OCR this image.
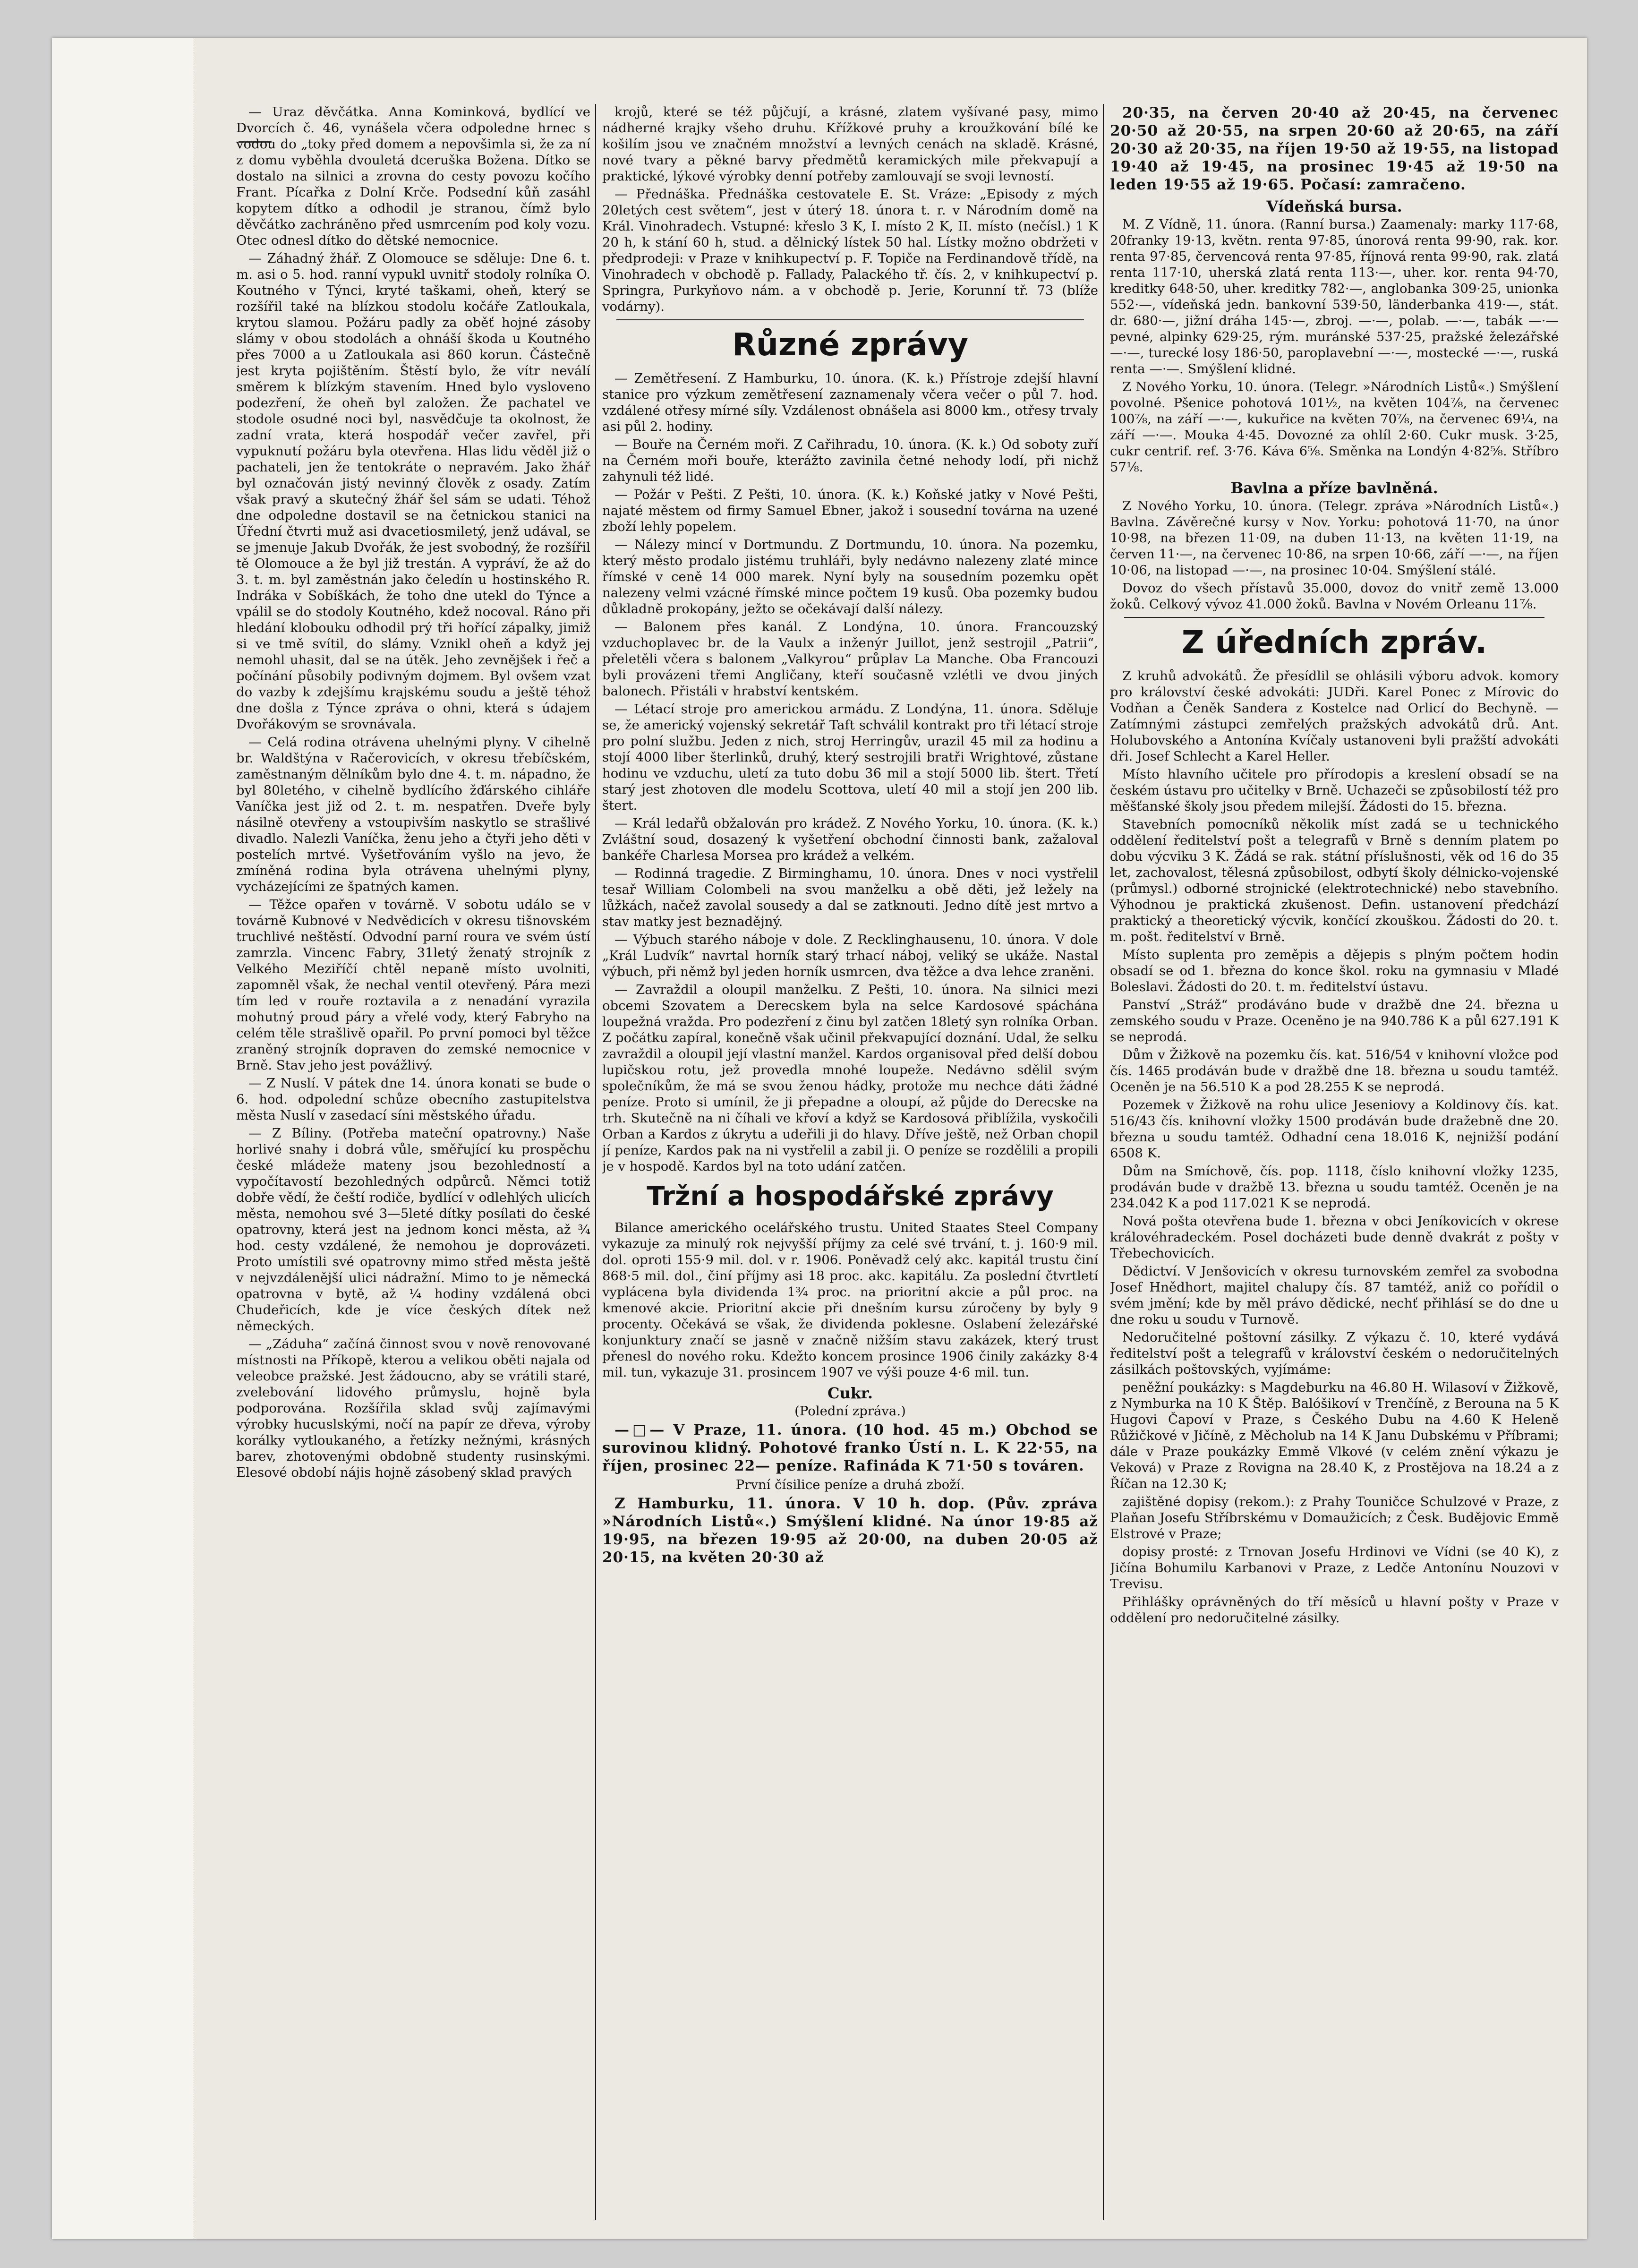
— Uraz děvčátka. Anna Kominková, bydlící ve Dvorcích č. 46, vynášela včera odpoledne hrnec s vodou do „toky před domem a nepovšimla si, že za ní z domu vyběhla dvouletá dceruška Božena. Dítko se dostalo na silnici a zrovna do cesty povozu kočího Frant. Pícařka z Dolní Krče. Podsední kůň zasáhl kopytem dítko a odhodil je stranou, čímž bylo děvčátko zachráněno před usmrcením pod koly vozu. Otec odnesl dítko do dětské nemocnice.

— Záhadný žhář. Z Olomouce se sděluje: Dne 6. t. m. asi o 5. hod. ranní vypukl uvnitř stodoly rolníka O. Koutného v Týnci, kryté taškami, oheň, který se rozšířil také na blízkou stodolu kočáře Zatloukala, krytou slamou. Požáru padly za oběť hojné zásoby slámy v obou stodolách a ohnáší škoda u Koutného přes 7000 a u Zatloukala asi 860 korun. Částečně jest kryta pojištěním. Štěstí bylo, že vítr neválí směrem k blízkým stavením. Hned bylo vysloveno podezření, že oheň byl založen. Že pachatel ve stodole osudné noci byl, nasvědčuje ta okolnost, že zadní vrata, která hospodář večer zavřel, při vypuknutí požáru byla otevřena. Hlas lidu věděl již o pachateli, jen že tentokráte o nepravém. Jako žhář byl označován jistý nevinný člověk z osady. Zatím však pravý a skutečný žhář šel sám se udati. Téhož dne odpoledne dostavil se na četnickou stanici na Úřední čtvrti muž asi dvacetiosmiletý, jenž udával, se se jmenuje Jakub Dvořák, že jest svobodný, že rozšířil tě Olomouce a že byl již trestán. A vypráví, že až do 3. t. m. byl zaměstnán jako čeledín u hostinského R. Indráka v Sobíškách, že toho dne utekl do Týnce a vpálil se do stodoly Koutného, kdež nocoval. Ráno při hledání klobouku odhodil prý tři hořící zápalky, jimiž si ve tmě svítil, do slámy. Vznikl oheň a když jej nemohl uhasit, dal se na útěk. Jeho zevnějšek i řeč a počínání působily podivným dojmem. Byl ovšem vzat do vazby k zdejšímu krajskému soudu a ještě téhož dne došla z Týnce zpráva o ohni, která s údajem Dvořákovým se srovnávala.

— Celá rodina otrávena uhelnými plyny. V cihelně br. Waldštýna v Račerovicích, v okresu třebíčském, zaměstnaným dělníkům bylo dne 4. t. m. nápadno, že byl 80letého, v cihelně bydlícího žďárského cihláře Vaníčka jest již od 2. t. m. nespatřen. Dveře byly násilně otevřeny a vstoupivším naskytlo se strašlivé divadlo. Nalezli Vaníčka, ženu jeho a čtyři jeho děti v postelích mrtvé. Vyšetřováním vyšlo na jevo, že zmíněná rodina byla otrávena uhelnými plyny, vycházejícími ze špatných kamen.

— Těžce opařen v továrně. V sobotu událo se v továrně Kubnové v Nedvědicích v okresu tišnovském truchlivé neštěstí. Odvodní parní roura ve svém ústí zamrzla. Vincenc Fabry, 31letý ženatý strojník z Velkého Meziříčí chtěl nepaně místo uvolniti, zapomněl však, že nechal ventil otevřený. Pára mezi tím led v rouře roztavila a z nenadání vyrazila mohutný proud páry a vřelé vody, který Fabryho na celém těle strašlivě opařil. Po první pomoci byl těžce zraněný strojník dopraven do zemské nemocnice v Brně. Stav jeho jest povážlivý.

— Z Nuslí. V pátek dne 14. února konati se bude o 6. hod. odpolední schůze obecního zastupitelstva města Nuslí v zasedací síni městského úřadu.

— Z Bíliny. (Potřeba mateční opatrovny.) Naše horlivé snahy i dobrá vůle, směřující ku prospěchu české mládeže mateny jsou bezohledností a vypočítavostí bezohledných odpůrců. Němci totiž dobře vědí, že čeští rodiče, bydlící v odlehlých ulicích města, nemohou své 3—5leté dítky posílati do české opatrovny, která jest na jednom konci města, až ¾ hod. cesty vzdálené, že nemohou je doprovázeti. Proto umístili své opatrovny mimo střed města ještě v nejvzdálenější ulici nádražní. Mimo to je německá opatrovna v bytě, až ¼ hodiny vzdálená obci Chudeřicích, kde je více českých dítek než německých.

— „Záduha“ začíná činnost svou v nově renovované místnosti na Příkopě, kterou a velikou oběti najala od veleobce pražské. Jest žádoucno, aby se vrátili staré, zvelebování lidového průmyslu, hojně byla podporována. Rozšířila sklad svůj zajímavými výrobky hucuslskými, nočí na papír ze dřeva, výroby korálky vytloukaného, a řetízky nežnými, krásných barev, zhotovenými obdobně studenty rusinskými. Elesové období nájis hojně zásobený sklad pravých

krojů, které se též půjčují, a krásné, zlatem vyšívané pasy, mimo nádherné krajky všeho druhu. Křížkové pruhy a kroužkování bílé ke košilím jsou ve značném množství a levných cenách na skladě. Krásné, nové tvary a pěkné barvy předmětů keramických mile překvapují a praktické, lýkové výrobky denní potřeby zamlouvají se svoji levností.

— Přednáška. Přednáška cestovatele E. St. Vráze: „Episody z mých 20letých cest světem“, jest v úterý 18. února t. r. v Národním domě na Král. Vinohradech. Vstupné: křeslo 3 K, I. místo 2 K, II. místo (nečísl.) 1 K 20 h, k stání 60 h, stud. a dělnický lístek 50 hal. Lístky možno obdržeti v předprodeji: v Praze v knihkupectví p. F. Topiče na Ferdinandově třídě, na Vinohradech v obchodě p. Fallady, Palackého tř. čís. 2, v knihkupectví p. Springra, Purkyňovo nám. a v obchodě p. Jerie, Korunní tř. 73 (blíže vodárny).

Různé zprávy

— Zemětřesení. Z Hamburku, 10. února. (K. k.) Přístroje zdejší hlavní stanice pro výzkum zemětřesení zaznamenaly včera večer o půl 7. hod. vzdálené otřesy mírné síly. Vzdálenost obnášela asi 8000 km., otřesy trvaly asi půl 2. hodiny.

— Bouře na Černém moři. Z Cařihradu, 10. února. (K. k.) Od soboty zuří na Černém moři bouře, kterážto zavinila četné nehody lodí, při nichž zahynuli též lidé.

— Požár v Pešti. Z Pešti, 10. února. (K. k.) Koňské jatky v Nové Pešti, najaté městem od firmy Samuel Ebner, jakož i sousední továrna na uzené zboží lehly popelem.

— Nálezy mincí v Dortmundu. Z Dortmundu, 10. února. Na pozemku, který město prodalo jistému truhláři, byly nedávno nalezeny zlaté mince římské v ceně 14 000 marek. Nyní byly na sousedním pozemku opět nalezeny velmi vzácné římské mince počtem 19 kusů. Oba pozemky budou důkladně prokopány, ježto se očekávají další nálezy.

— Balonem přes kanál. Z Londýna, 10. února. Francouzský vzduchoplavec br. de la Vaulx a inženýr Juillot, jenž sestrojil „Patrii“, přeletěli včera s balonem „Valkyrou“ průplav La Manche. Oba Francouzi byli provázeni třemi Angličany, kteří současně vzlétli ve dvou jiných balonech. Přistáli v hrabství kentském.

— Létací stroje pro americkou armádu. Z Londýna, 11. února. Sděluje se, že americký vojenský sekretář Taft schválil kontrakt pro tři létací stroje pro polní službu. Jeden z nich, stroj Herringův, urazil 45 mil za hodinu a stojí 4000 liber šterlinků, druhý, který sestrojili bratři Wrightové, zůstane hodinu ve vzduchu, uletí za tuto dobu 36 mil a stojí 5000 lib. štert. Třetí starý jest zhotoven dle modelu Scottova, uletí 40 mil a stojí jen 200 lib. štert.

— Král ledařů obžalován pro krádež. Z Nového Yorku, 10. února. (K. k.) Zvláštní soud, dosazený k vyšetření obchodní činnosti bank, zažaloval bankéře Charlesa Morsea pro krádež a velkém.

— Rodinná tragedie. Z Birminghamu, 10. února. Dnes v noci vystřelil tesař William Colombeli na svou manželku a obě děti, jež ležely na lůžkách, načež zavolal sousedy a dal se zatknouti. Jedno dítě jest mrtvo a stav matky jest beznadějný.

— Výbuch starého náboje v dole. Z Recklinghausenu, 10. února. V dole „Král Ludvík“ navrtal horník starý trhací náboj, veliký se ukáže. Nastal výbuch, při němž byl jeden horník usmrcen, dva těžce a dva lehce zraněni.

— Zavraždil a oloupil manželku. Z Pešti, 10. února. Na silnici mezi obcemi Szovatem a Derecskem byla na selce Kardosové spáchána loupežná vražda. Pro podezření z činu byl zatčen 18letý syn rolníka Orban. Z počátku zapíral, konečně však učinil překvapující doznání. Udal, že selku zavraždil a oloupil její vlastní manžel. Kardos organisoval před delší dobou lupičskou rotu, jež provedla mnohé loupeže. Nedávno sdělil svým společníkům, že má se svou ženou hádky, protože mu nechce dáti žádné peníze. Proto si umínil, že ji přepadne a oloupí, až půjde do Derecske na trh. Skutečně na ni číhali ve křoví a když se Kardosová přiblížila, vyskočili Orban a Kardos z úkrytu a udeřili ji do hlavy. Dříve ještě, než Orban chopil jí peníze, Kardos pak na ni vystřelil a zabil ji. O peníze se rozdělili a propili je v hospodě. Kardos byl na toto udání zatčen.

Tržní a hospodářské zprávy

Bilance amerického ocelářského trustu. United Staates Steel Company vykazuje za minulý rok nejvyšší příjmy za celé své trvání, t. j. 160·9 mil. dol. oproti 155·9 mil. dol. v r. 1906. Poněvadž celý akc. kapitál trustu činí 868·5 mil. dol., činí příjmy asi 18 proc. akc. kapitálu. Za poslední čtvrtletí vyplácena byla dividenda 1¾ proc. na prioritní akcie a půl proc. na kmenové akcie. Prioritní akcie při dnešním kursu zúročeny by byly 9 procenty. Očekává se však, že dividenda poklesne. Oslabení železářské konjunktury značí se jasně v značně nižším stavu zakázek, který trust přenesl do nového roku. Kdežto koncem prosince 1906 činily zakázky 8·4 mil. tun, vykazuje 31. prosincem 1907 ve výši pouze 4·6 mil. tun.

Cukr.

(Polední zpráva.)

—□— V Praze, 11. února. (10 hod. 45 m.) Obchod se surovinou klidný. Pohotové franko Ústí n. L. K 22·55, na říjen, prosinec 22— peníze. Rafináda K 71·50 s továren.

První čísilice peníze a druhá zboží.

Z Hamburku, 11. února. V 10 h. dop. (Pův. zpráva »Národních Listů«.) Smýšlení klidné. Na únor 19·85 až 19·95, na březen 19·95 až 20·00, na duben 20·05 až 20·15, na květen 20·30 až

20·35, na červen 20·40 až 20·45, na červenec 20·50 až 20·55, na srpen 20·60 až 20·65, na září 20·30 až 20·35, na říjen 19·50 až 19·55, na listopad 19·40 až 19·45, na prosinec 19·45 až 19·50 na leden 19·55 až 19·65. Počasí: zamračeno.

Vídeňská bursa.

M. Z Vídně, 11. února. (Ranní bursa.) Zaamenaly: marky 117·68, 20franky 19·13, květn. renta 97·85, únorová renta 99·90, rak. kor. renta 97·85, červencová renta 97·85, říjnová renta 99·90, rak. zlatá renta 117·10, uherská zlatá renta 113·—, uher. kor. renta 94·70, kreditky 648·50, uher. kreditky 782·—, anglobanka 309·25, unionka 552·—, vídeňská jedn. bankovní 539·50, länderbanka 419·—, stát. dr. 680·—, jižní dráha 145·—, zbroj. —·—, polab. —·—, tabák —·— pevné, alpinky 629·25, rým. muránské 537·25, pražské železářské —·—, turecké losy 186·50, paroplavební —·—, mostecké —·—, ruská renta —·—. Smýšlení klidné.

Z Nového Yorku, 10. února. (Telegr. »Národních Listů«.) Smýšlení povolné. Pšenice pohotová 101½, na květen 104⅞, na červenec 100⅞, na září —·—, kukuřice na květen 70⅞, na červenec 69¼, na září —·—. Mouka 4·45. Dovozné za ohlíl 2·60. Cukr musk. 3·25, cukr centrif. ref. 3·76. Káva 6⅝. Směnka na Londýn 4·82⅝. Stříbro 57⅛.

Bavlna a příze bavlněná.

Z Nového Yorku, 10. února. (Telegr. zpráva »Národních Listů«.) Bavlna. Závěrečné kursy v Nov. Yorku: pohotová 11·70, na únor 10·98, na březen 11·09, na duben 11·13, na květen 11·19, na červen 11·—, na červenec 10·86, na srpen 10·66, září —·—, na říjen 10·06, na listopad —·—, na prosinec 10·04. Smýšlení stálé.

Dovoz do všech přístavů 35.000, dovoz do vnitř země 13.000 žoků. Celkový vývoz 41.000 žoků. Bavlna v Novém Orleanu 11⅞.

Z úředních zpráv.

Z kruhů advokátů. Že přesídlil se ohlásili výboru advok. komory pro království české advokáti: JUDři. Karel Ponec z Mírovic do Vodňan a Čeněk Sandera z Kostelce nad Orlicí do Bechyně. — Zatímnými zástupci zemřelých pražských advokátů drů. Ant. Holubovského a Antonína Kvíčaly ustanoveni byli pražští advokáti dři. Josef Schlecht a Karel Heller.

Místo hlavního učitele pro přírodopis a kreslení obsadí se na českém ústavu pro učitelky v Brně. Uchazeči se způsobilostí též pro měšťanské školy jsou předem milejší. Žádosti do 15. března.

Stavebních pomocníků několik míst zadá se u technického oddělení ředitelství pošt a telegrafů v Brně s denním platem po dobu výcviku 3 K. Žádá se rak. státní příslušnosti, věk od 16 do 35 let, zachovalost, tělesná způsobilost, odbytí školy délnicko-vojenské (průmysl.) odborné strojnické (elektrotechnické) nebo stavebního. Výhodnou je praktická zkušenost. Defin. ustanovení předchází praktický a theoretický výcvik, končící zkouškou. Žádosti do 20. t. m. pošt. ředitelství v Brně.

Místo suplenta pro zeměpis a dějepis s plným počtem hodin obsadí se od 1. března do konce škol. roku na gymnasiu v Mladé Boleslavi. Žádosti do 20. t. m. ředitelství ústavu.

Panství „Stráž“ prodáváno bude v dražbě dne 24. března u zemského soudu v Praze. Oceněno je na 940.786 K a půl 627.191 K se neprodá.

Dům v Žižkově na pozemku čís. kat. 516/54 v knihovní vložce pod čís. 1465 prodáván bude v dražbě dne 18. března u soudu tamtéž. Oceněn je na 56.510 K a pod 28.255 K se neprodá.

Pozemek v Žižkově na rohu ulice Jeseniovy a Koldinovy čís. kat. 516/43 čís. knihovní vložky 1500 prodáván bude dražebně dne 20. března u soudu tamtéž. Odhadní cena 18.016 K, nejnižší podání 6508 K.

Dům na Smíchově, čís. pop. 1118, číslo knihovní vložky 1235, prodáván bude v dražbě 13. března u soudu tamtéž. Oceněn je na 234.042 K a pod 117.021 K se neprodá.

Nová pošta otevřena bude 1. března v obci Jeníkovicích v okrese královéhradeckém. Posel docházeti bude denně dvakrát z pošty v Třebechovicích.

Dědictví. V Jenšovicích v okresu turnovském zemřel za svobodna Josef Hnědhort, majitel chalupy čís. 87 tamtéž, aniž co pořídil o svém jmění; kde by měl právo dědické, nechť přihlásí se do dne u dne roku u soudu v Turnově.

Nedoručitelné poštovní zásilky. Z výkazu č. 10, které vydává ředitelství pošt a telegrafů v království českém o nedoručitelných zásilkách poštovských, vyjímáme:

peněžní poukázky: s Magdeburku na 46.80 H. Wilasoví v Žižkově, z Nymburka na 10 K Štěp. Balóšikoví v Trenčíně, z Berouna na 5 K Hugovi Čapoví v Praze, s Českého Dubu na 4.60 K Heleně Růžičkové v Jičíně, z Měcholub na 14 K Janu Dubskému v Příbrami; dále v Praze poukázky Emmě Vlkové (v celém znění výkazu je Veková) v Praze z Rovigna na 28.40 K, z Prostějova na 18.24 a z Říčan na 12.30 K;

zajištěné dopisy (rekom.): z Prahy Touničce Schulzové v Praze, z Plaňan Josefu Stříbrskému v Domaužicích; z Česk. Budějovic Emmě Elstrové v Praze;

dopisy prosté: z Trnovan Josefu Hrdinovi ve Vídni (se 40 K), z Jičína Bohumilu Karbanovi v Praze, z Ledče Antonínu Nouzovi v Trevisu.

Přihlášky oprávněných do tří měsíců u hlavní pošty v Praze v oddělení pro nedoručitelné zásilky.
